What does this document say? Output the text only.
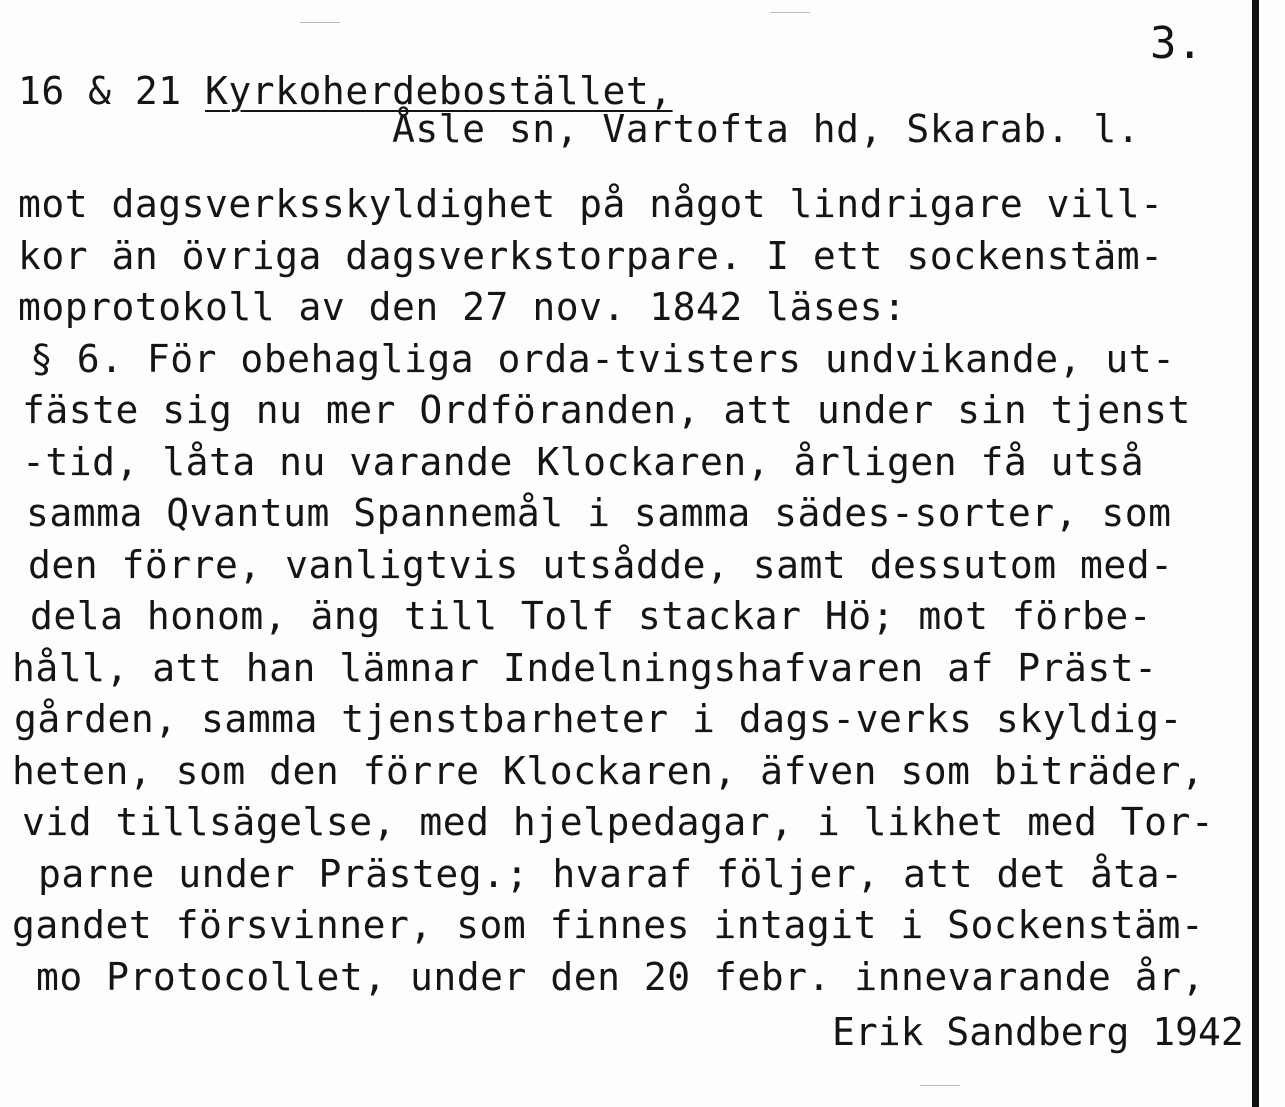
3.
16 & 21 Kyrkoherdebostället,
Åsle sn, Vartofta hd, Skarab. l.
mot dagsverksskyldighet på något lindrigare vill-
kor än övriga dagsverkstorpare. I ett sockenstäm-
moprotokoll av den 27 nov. 1842 läses:
§ 6. För obehagliga orda-tvisters undvikande, ut-
fäste sig nu mer Ordföranden, att under sin tjenst
-tid, låta nu varande Klockaren, årligen få utså
samma Qvantum Spannemål i samma sädes-sorter, som
den förre, vanligtvis utsådde, samt dessutom med-
dela honom, äng till Tolf stackar Hö; mot förbe-
håll, att han lämnar Indelningshafvaren af Präst-
gården, samma tjenstbarheter i dags-verks skyldig-
heten, som den förre Klockaren, äfven som biträder,
vid tillsägelse, med hjelpedagar, i likhet med Tor-
parne under Prästeg.; hvaraf följer, att det åta-
gandet försvinner, som finnes intagit i Sockenstäm-
mo Protocollet, under den 20 febr. innevarande år,
Erik Sandberg 1942
